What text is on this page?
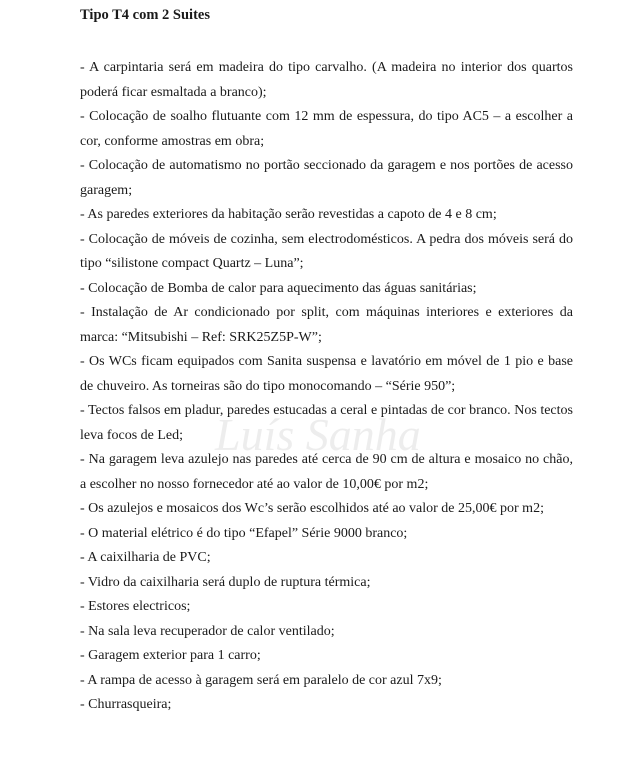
Tipo T4 com 2 Suites

- A carpintaria será em madeira do tipo carvalho. (A madeira no interior dos quartos poderá ficar esmaltada a branco);

- Colocação de soalho flutuante com 12 mm de espessura, do tipo AC5 – a escolher a cor, conforme amostras em obra;

- Colocação de automatismo no portão seccionado da garagem e nos portões de acesso garagem;

- As paredes exteriores da habitação serão revestidas a capoto de 4 e 8 cm;

- Colocação de móveis de cozinha, sem electrodomésticos. A pedra dos móveis será do tipo “silistone compact Quartz – Luna”;

- Colocação de Bomba de calor para aquecimento das águas sanitárias;

- Instalação de Ar condicionado por split, com máquinas interiores e exteriores da marca: “Mitsubishi – Ref: SRK25Z5P-W”;

- Os WCs ficam equipados com Sanita suspensa e lavatório em móvel de 1 pio e base de chuveiro. As torneiras são do tipo monocomando – “Série 950”;

- Tectos falsos em pladur, paredes estucadas a ceral e pintadas de cor branco. Nos tectos leva focos de Led;

- Na garagem leva azulejo nas paredes até cerca de 90 cm de altura e mosaico no chão, a escolher no nosso fornecedor até ao valor de 10,00€ por m2;

- Os azulejos e mosaicos dos Wc’s serão escolhidos até ao valor de 25,00€ por m2;

- O material elétrico é do tipo “Efapel” Série 9000 branco;

- A caixilharia de PVC;

- Vidro da caixilharia será duplo de ruptura térmica;

- Estores electricos;

- Na sala leva recuperador de calor ventilado;

- Garagem exterior para 1 carro;

- A rampa de acesso à garagem será em paralelo de cor azul 7x9;

- Churrasqueira;

Luís Sanha
